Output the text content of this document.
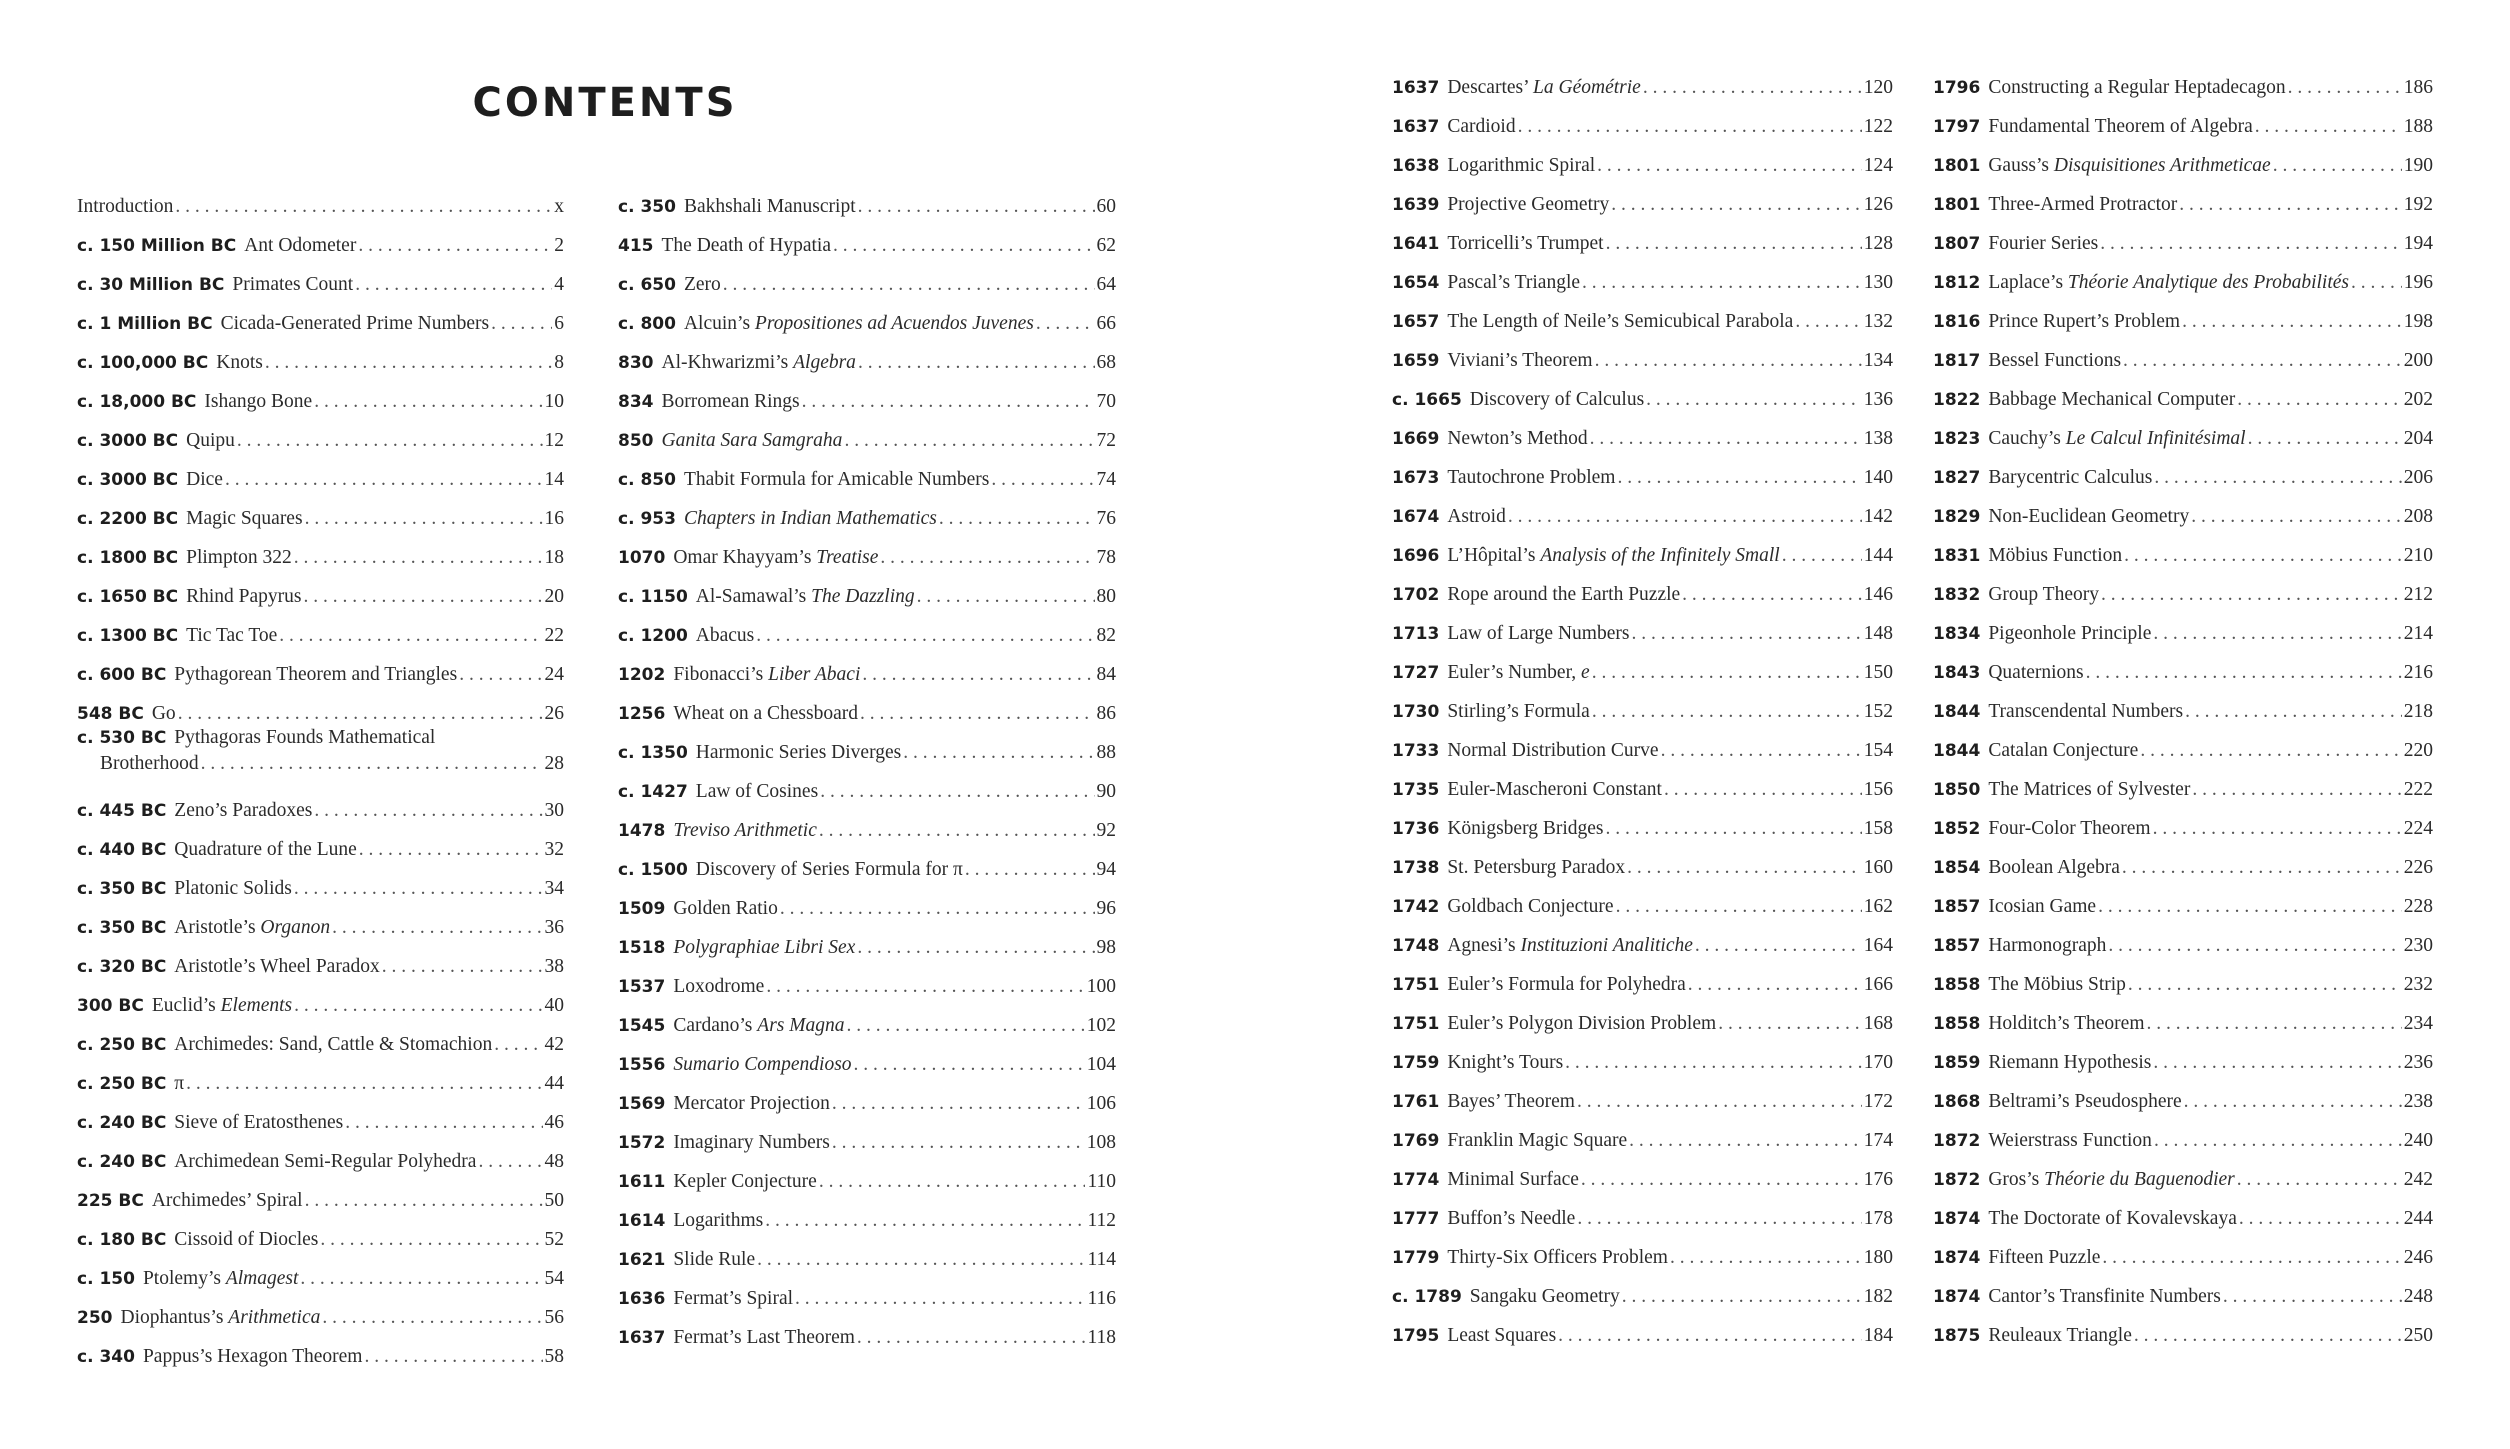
CONTENTS
Introduction . . .	x
c. 150 Million BC Ant Odometer . . .	2
c. 30 Million BC Primates Count . . .	4
c. 1 Million BC Cicada-Generated Prime Numbers . . .	6
c. 100,000 BC Knots . . .	8
c. 18,000 BC Ishango Bone . . .	10
c. 3000 BC Quipu . . .	12
c. 3000 BC Dice . . .	14
c. 2200 BC Magic Squares . . .	16
c. 1800 BC Plimpton 322 . . .	18
c. 1650 BC Rhind Papyrus . . .	20
c. 1300 BC Tic Tac Toe . . .	22
c. 600 BC Pythagorean Theorem and Triangles . . .	24
548 BC Go . . .	26
c. 530 BC Pythagoras Founds Mathematical
Brotherhood . . .	28
c. 445 BC Zeno’s Paradoxes . . .	30
c. 440 BC Quadrature of the Lune . . .	32
c. 350 BC Platonic Solids . . .	34
c. 350 BC Aristotle’s Organon . . .	36
c. 320 BC Aristotle’s Wheel Paradox . . .	38
300 BC Euclid’s Elements . . .	40
c. 250 BC Archimedes: Sand, Cattle & Stomachion . . .	42
c. 250 BC π . . .	44
c. 240 BC Sieve of Eratosthenes . . .	46
c. 240 BC Archimedean Semi-Regular Polyhedra . . .	48
225 BC Archimedes’ Spiral . . .	50
c. 180 BC Cissoid of Diocles . . .	52
c. 150 Ptolemy’s Almagest . . .	54
250 Diophantus’s Arithmetica . . .	56
c. 340 Pappus’s Hexagon Theorem . . .	58
c. 350 Bakhshali Manuscript . . .	60
415 The Death of Hypatia . . .	62
c. 650 Zero . . .	64
c. 800 Alcuin’s Propositiones ad Acuendos Juvenes . . .	66
830 Al-Khwarizmi’s Algebra . . .	68
834 Borromean Rings . . .	70
850 Ganita Sara Samgraha . . .	72
c. 850 Thabit Formula for Amicable Numbers . . .	74
c. 953 Chapters in Indian Mathematics . . .	76
1070 Omar Khayyam’s Treatise . . .	78
c. 1150 Al-Samawal’s The Dazzling . . .	80
c. 1200 Abacus . . .	82
1202 Fibonacci’s Liber Abaci . . .	84
1256 Wheat on a Chessboard . . .	86
c. 1350 Harmonic Series Diverges . . .	88
c. 1427 Law of Cosines . . .	90
1478 Treviso Arithmetic . . .	92
c. 1500 Discovery of Series Formula for π . . .	94
1509 Golden Ratio . . .	96
1518 Polygraphiae Libri Sex . . .	98
1537 Loxodrome . . .	100
1545 Cardano’s Ars Magna . . .	102
1556 Sumario Compendioso . . .	104
1569 Mercator Projection . . .	106
1572 Imaginary Numbers . . .	108
1611 Kepler Conjecture . . .	110
1614 Logarithms . . .	112
1621 Slide Rule . . .	114
1636 Fermat’s Spiral . . .	116
1637 Fermat’s Last Theorem . . .	118
1637 Descartes’ La Géométrie . . .	120
1637 Cardioid . . .	122
1638 Logarithmic Spiral . . .	124
1639 Projective Geometry . . .	126
1641 Torricelli’s Trumpet . . .	128
1654 Pascal’s Triangle . . .	130
1657 The Length of Neile’s Semicubical Parabola . . .	132
1659 Viviani’s Theorem . . .	134
c. 1665 Discovery of Calculus . . .	136
1669 Newton’s Method . . .	138
1673 Tautochrone Problem . . .	140
1674 Astroid . . .	142
1696 L’Hôpital’s Analysis of the Infinitely Small . . .	144
1702 Rope around the Earth Puzzle . . .	146
1713 Law of Large Numbers . . .	148
1727 Euler’s Number, e . . .	150
1730 Stirling’s Formula . . .	152
1733 Normal Distribution Curve . . .	154
1735 Euler-Mascheroni Constant . . .	156
1736 Königsberg Bridges . . .	158
1738 St. Petersburg Paradox . . .	160
1742 Goldbach Conjecture . . .	162
1748 Agnesi’s Instituzioni Analitiche . . .	164
1751 Euler’s Formula for Polyhedra . . .	166
1751 Euler’s Polygon Division Problem . . .	168
1759 Knight’s Tours . . .	170
1761 Bayes’ Theorem . . .	172
1769 Franklin Magic Square . . .	174
1774 Minimal Surface . . .	176
1777 Buffon’s Needle . . .	178
1779 Thirty-Six Officers Problem . . .	180
c. 1789 Sangaku Geometry . . .	182
1795 Least Squares . . .	184
1796 Constructing a Regular Heptadecagon . . .	186
1797 Fundamental Theorem of Algebra . . .	188
1801 Gauss’s Disquisitiones Arithmeticae . . .	190
1801 Three-Armed Protractor . . .	192
1807 Fourier Series . . .	194
1812 Laplace’s Théorie Analytique des Probabilités . . .	196
1816 Prince Rupert’s Problem . . .	198
1817 Bessel Functions . . .	200
1822 Babbage Mechanical Computer . . .	202
1823 Cauchy’s Le Calcul Infinitésimal . . .	204
1827 Barycentric Calculus . . .	206
1829 Non-Euclidean Geometry . . .	208
1831 Möbius Function . . .	210
1832 Group Theory . . .	212
1834 Pigeonhole Principle . . .	214
1843 Quaternions . . .	216
1844 Transcendental Numbers . . .	218
1844 Catalan Conjecture . . .	220
1850 The Matrices of Sylvester . . .	222
1852 Four-Color Theorem . . .	224
1854 Boolean Algebra . . .	226
1857 Icosian Game . . .	228
1857 Harmonograph . . .	230
1858 The Möbius Strip . . .	232
1858 Holditch’s Theorem . . .	234
1859 Riemann Hypothesis . . .	236
1868 Beltrami’s Pseudosphere . . .	238
1872 Weierstrass Function . . .	240
1872 Gros’s Théorie du Baguenodier . . .	242
1874 The Doctorate of Kovalevskaya . . .	244
1874 Fifteen Puzzle . . .	246
1874 Cantor’s Transfinite Numbers . . .	248
1875 Reuleaux Triangle . . .	250
